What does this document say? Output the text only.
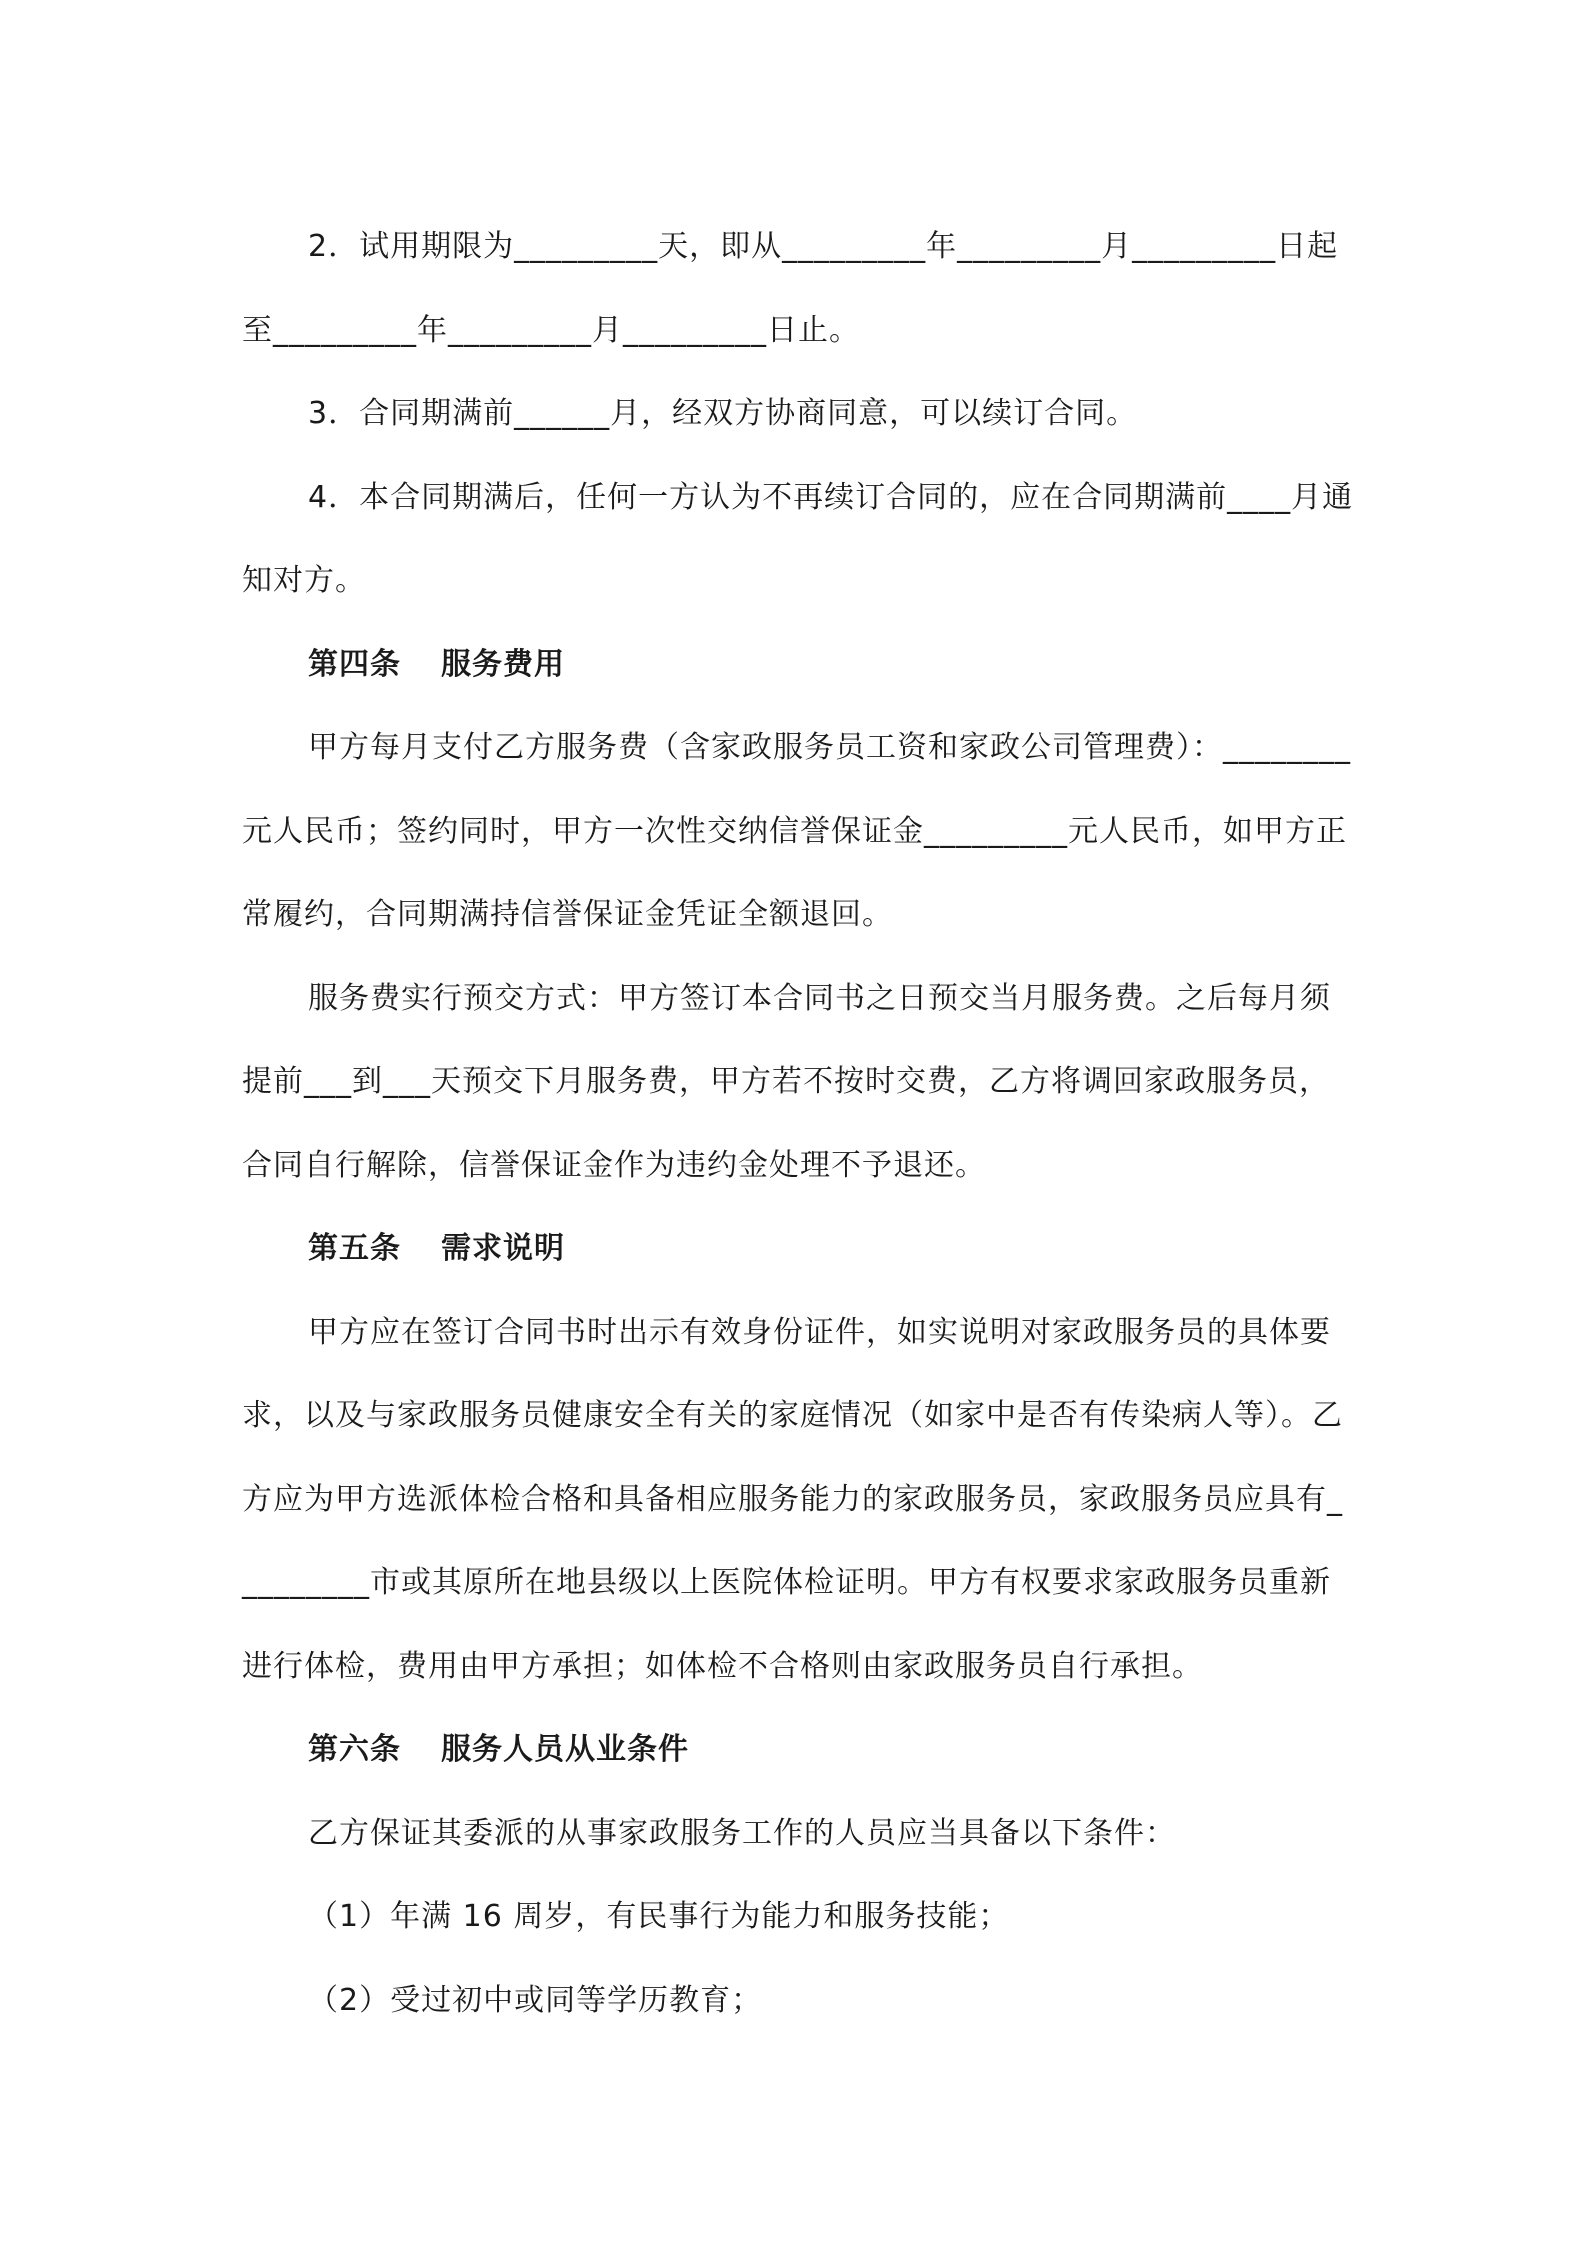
2．试用期限为_________天，即从_________年_________月_________日起至_________年_________月_________日止。

3．合同期满前______月，经双方协商同意，可以续订合同。

4．本合同期满后，任何一方认为不再续订合同的，应在合同期满前____月通知对方。

第四条 服务费用

甲方每月支付乙方服务费（含家政服务员工资和家政公司管理费）：________元人民币；签约同时，甲方一次性交纳信誉保证金_________元人民币，如甲方正常履约，合同期满持信誉保证金凭证全额退回。

服务费实行预交方式：甲方签订本合同书之日预交当月服务费。之后每月须提前___到___天预交下月服务费，甲方若不按时交费，乙方将调回家政服务员，合同自行解除，信誉保证金作为违约金处理不予退还。

第五条 需求说明

甲方应在签订合同书时出示有效身份证件，如实说明对家政服务员的具体要求，以及与家政服务员健康安全有关的家庭情况（如家中是否有传染病人等）。乙方应为甲方选派体检合格和具备相应服务能力的家政服务员，家政服务员应具有_________市或其原所在地县级以上医院体检证明。甲方有权要求家政服务员重新进行体检，费用由甲方承担；如体检不合格则由家政服务员自行承担。

第六条 服务人员从业条件

乙方保证其委派的从事家政服务工作的人员应当具备以下条件：

（1）年满 16 周岁，有民事行为能力和服务技能；

（2）受过初中或同等学历教育；
